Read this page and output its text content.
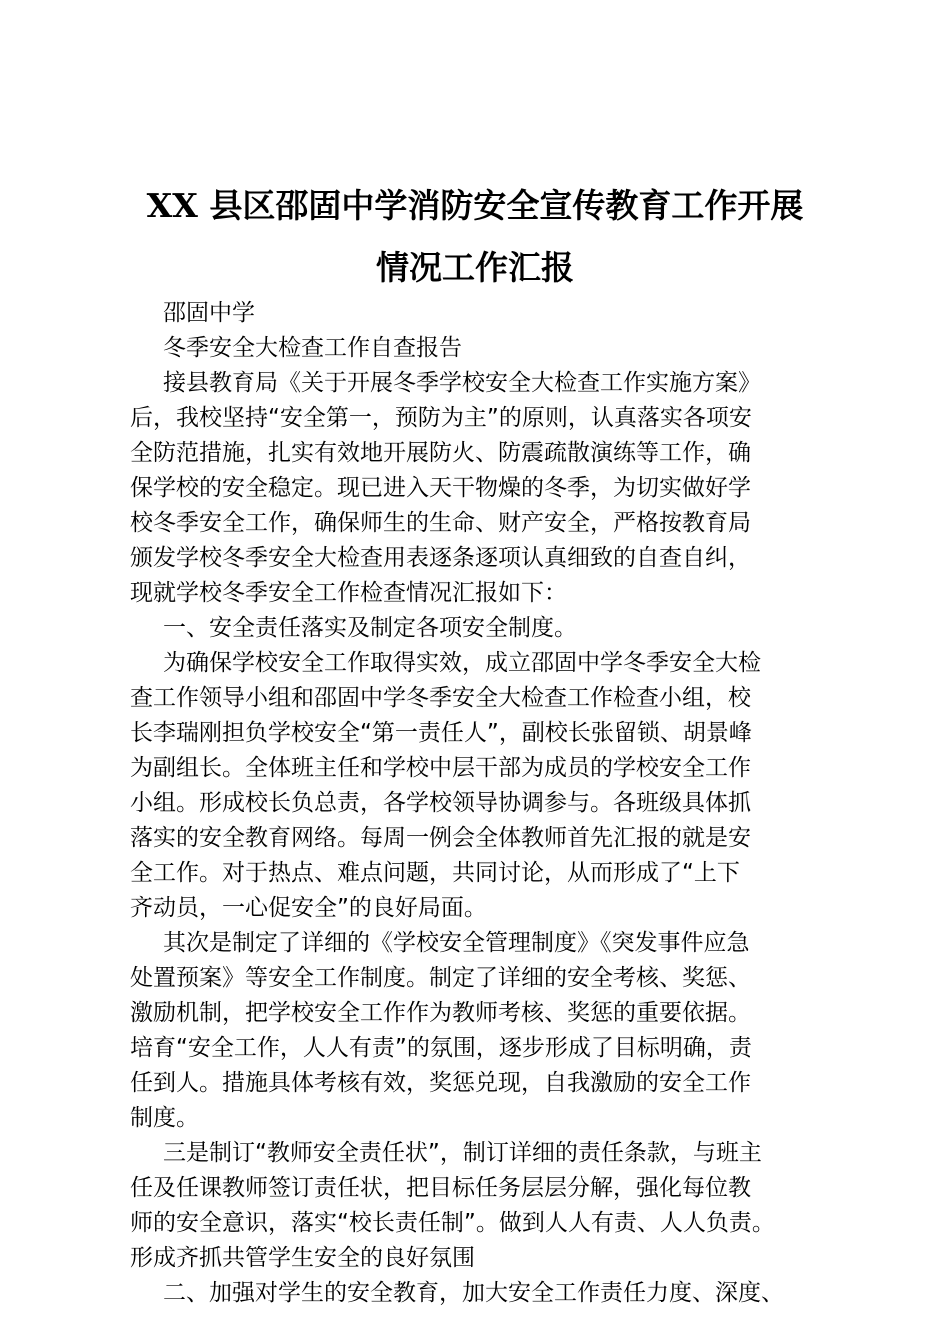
XX 县区邵固中学消防安全宣传教育工作开展
情况工作汇报
邵固中学
冬季安全大检查工作自查报告
接县教育局《关于开展冬季学校安全大检查工作实施方案》
后，我校坚持“安全第一，预防为主”的原则，认真落实各项安
全防范措施，扎实有效地开展防火、防震疏散演练等工作，确
保学校的安全稳定。现已进入天干物燥的冬季，为切实做好学
校冬季安全工作，确保师生的生命、财产安全，严格按教育局
颁发学校冬季安全大检查用表逐条逐项认真细致的自查自纠，
现就学校冬季安全工作检查情况汇报如下：
一、安全责任落实及制定各项安全制度。
为确保学校安全工作取得实效，成立邵固中学冬季安全大检
查工作领导小组和邵固中学冬季安全大检查工作检查小组，校
长李瑞刚担负学校安全“第一责任人”，副校长张留锁、胡景峰
为副组长。全体班主任和学校中层干部为成员的学校安全工作
小组。形成校长负总责，各学校领导协调参与。各班级具体抓
落实的安全教育网络。每周一例会全体教师首先汇报的就是安
全工作。对于热点、难点问题，共同讨论，从而形成了“上下
齐动员，一心促安全”的良好局面。
其次是制定了详细的《学校安全管理制度》《突发事件应急
处置预案》等安全工作制度。制定了详细的安全考核、奖惩、
激励机制，把学校安全工作作为教师考核、奖惩的重要依据。
培育“安全工作，人人有责”的氛围，逐步形成了目标明确，责
任到人。措施具体考核有效，奖惩兑现，自我激励的安全工作
制度。
三是制订“教师安全责任状”，制订详细的责任条款，与班主
任及任课教师签订责任状，把目标任务层层分解，强化每位教
师的安全意识，落实“校长责任制”。做到人人有责、人人负责。
形成齐抓共管学生安全的良好氛围
二、加强对学生的安全教育，加大安全工作责任力度、深度、
